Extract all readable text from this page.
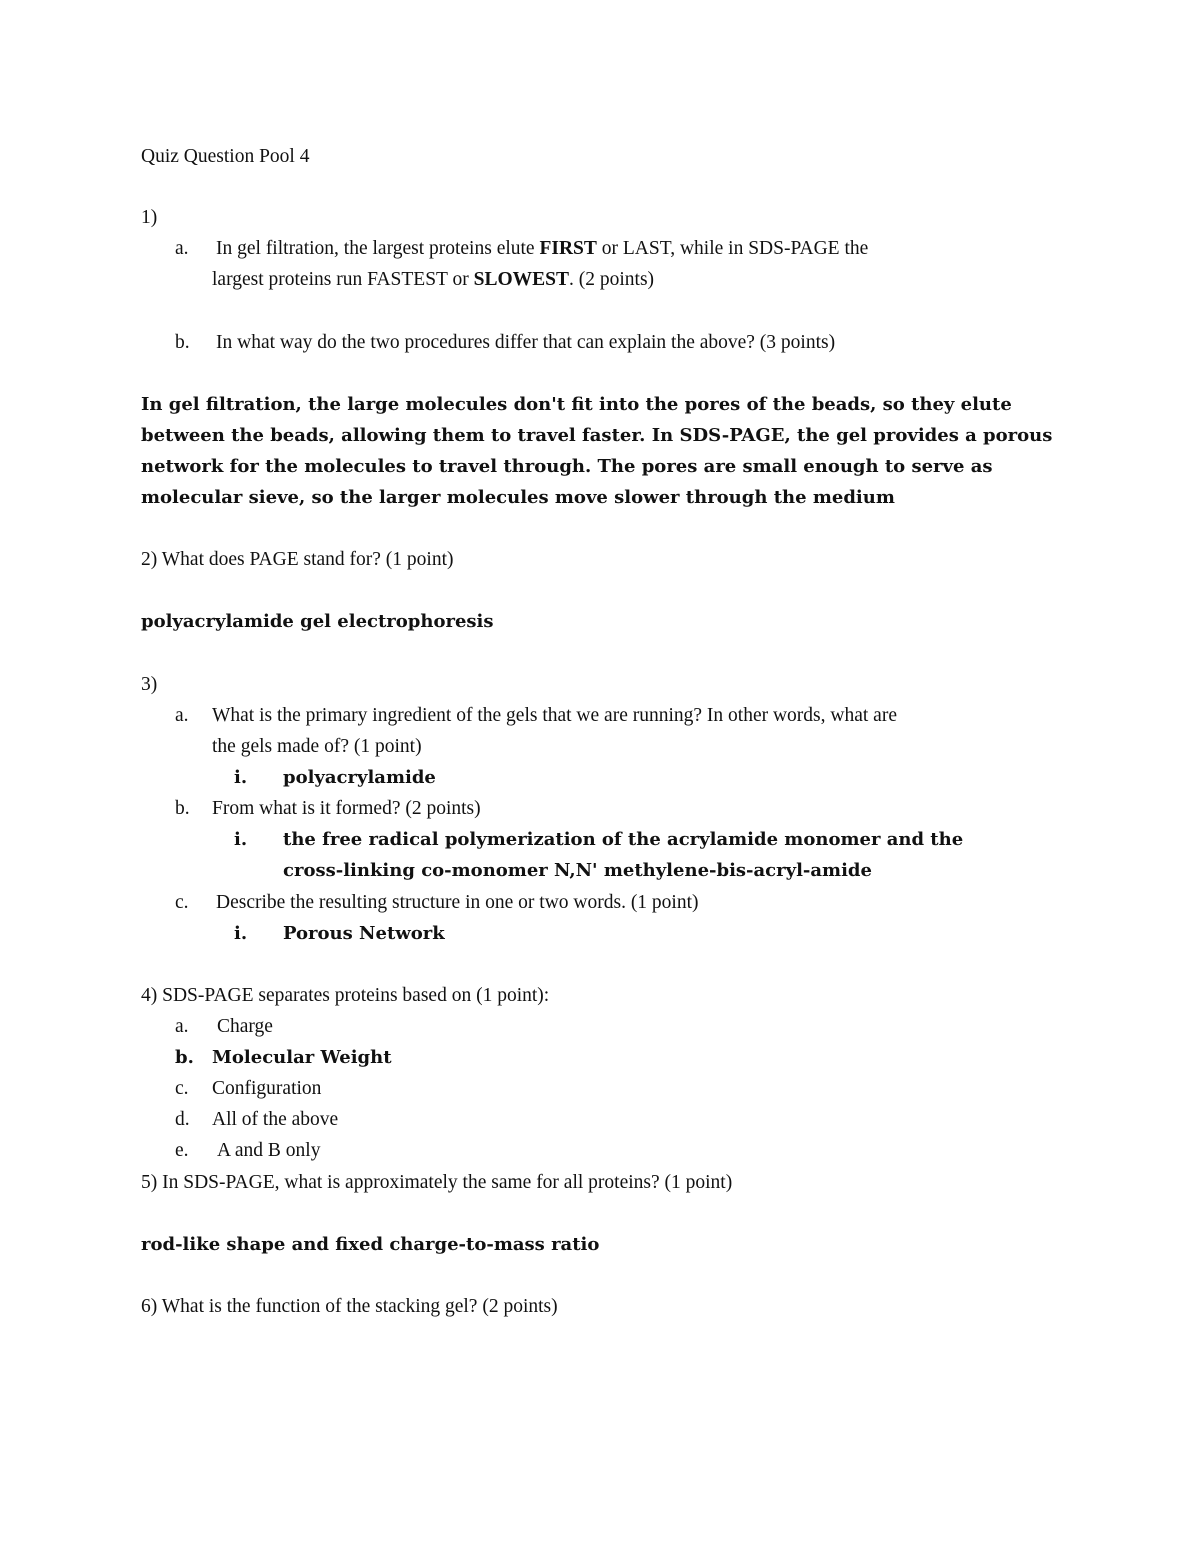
Quiz Question Pool 4
1)
a. In gel filtration, the largest proteins elute FIRST or LAST, while in SDS-PAGE the
largest proteins run FASTEST or SLOWEST. (2 points)
b. In what way do the two procedures differ that can explain the above? (3 points)
In gel filtration, the large molecules don't fit into the pores of the beads, so they elute
between the beads, allowing them to travel faster. In SDS-PAGE, the gel provides a porous
network for the molecules to travel through. The pores are small enough to serve as
molecular sieve, so the larger molecules move slower through the medium
2) What does PAGE stand for? (1 point)
polyacrylamide gel electrophoresis
3)
a. What is the primary ingredient of the gels that we are running? In other words, what are
the gels made of? (1 point)
i. polyacrylamide
b. From what is it formed? (2 points)
i. the free radical polymerization of the acrylamide monomer and the
cross-linking co-monomer N,N' methylene-bis-acryl-amide
c. Describe the resulting structure in one or two words. (1 point)
i. Porous Network
4) SDS-PAGE separates proteins based on (1 point):
a. Charge
b. Molecular Weight
c. Configuration
d. All of the above
e. A and B only
5) In SDS-PAGE, what is approximately the same for all proteins? (1 point)
rod-like shape and fixed charge-to-mass ratio
6) What is the function of the stacking gel? (2 points)
